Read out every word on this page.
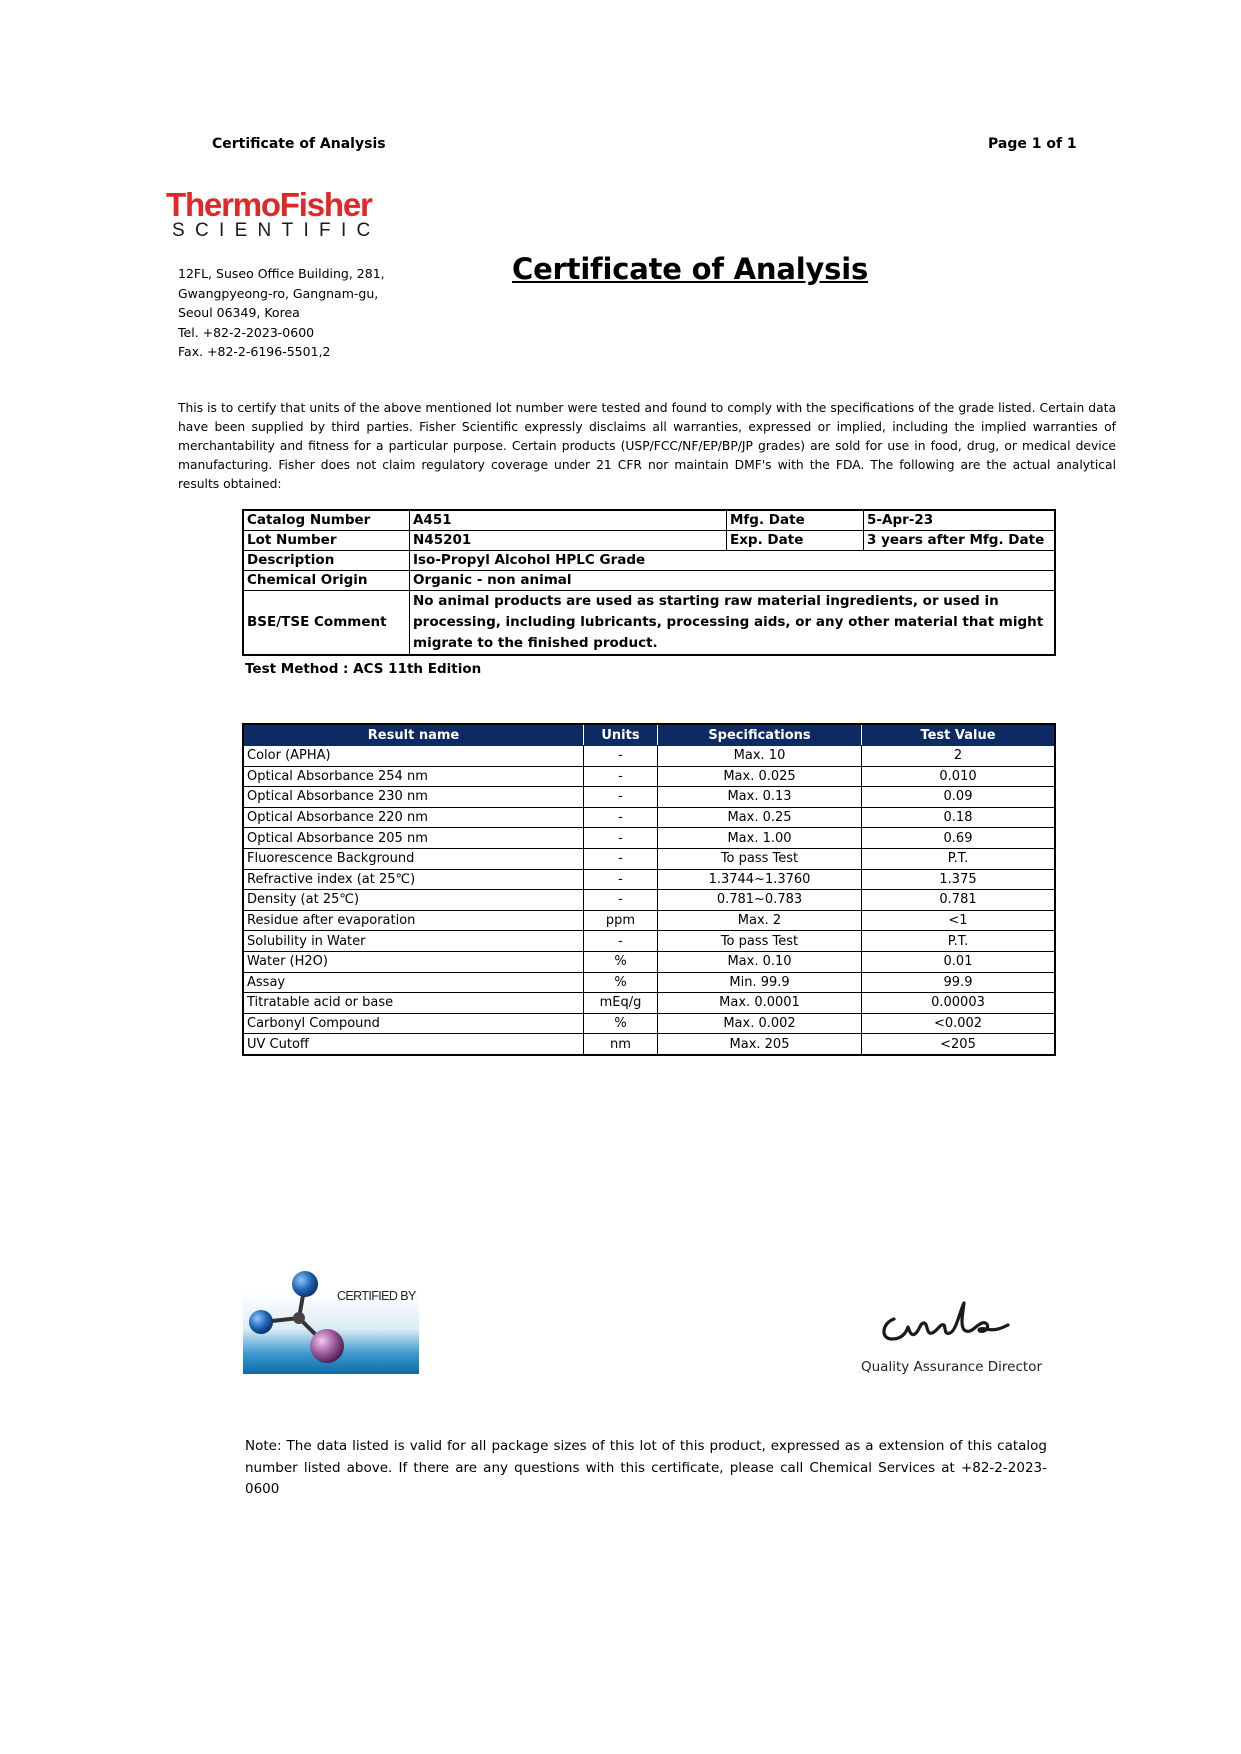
Certificate of Analysis	Page 1 of 1
ThermoFisher
SCIENTIFIC
12FL, Suseo Office Building, 281,
Gwangpyeong-ro, Gangnam-gu,
Seoul 06349, Korea
Tel. +82-2-2023-0600
Fax. +82-2-6196-5501,2
Certificate of Analysis
This is to certify that units of the above mentioned lot number were tested and found to comply with the specifications of the grade listed. Certain data have been supplied by third parties. Fisher Scientific expressly disclaims all warranties, expressed or implied, including the implied warranties of merchantability and fitness for a particular purpose. Certain products (USP/FCC/NF/EP/BP/JP grades) are sold for use in food, drug, or medical device manufacturing. Fisher does not claim regulatory coverage under 21 CFR nor maintain DMF's with the FDA. The following are the actual analytical results obtained:
Catalog Number	A451	Mfg. Date	5-Apr-23
Lot Number	N45201	Exp. Date	3 years after Mfg. Date
Description	Iso-Propyl Alcohol HPLC Grade		
Chemical Origin	Organic - non animal		
BSE/TSE Comment	No animal products are used as starting raw material ingredients, or used in processing, including lubricants, processing aids, or any other material that might migrate to the finished product.		
Test Method : ACS 11th Edition
Result name	Units	Specifications	Test Value
Color (APHA)	-	Max. 10	2
Optical Absorbance 254 nm	-	Max. 0.025	0.010
Optical Absorbance 230 nm	-	Max. 0.13	0.09
Optical Absorbance 220 nm	-	Max. 0.25	0.18
Optical Absorbance 205 nm	-	Max. 1.00	0.69
Fluorescence Background	-	To pass Test	P.T.
Refractive index (at 25℃)	-	1.3744~1.3760	1.375
Density (at 25℃)	-	0.781~0.783	0.781
Residue after evaporation	ppm	Max. 2	<1
Solubility in Water	-	To pass Test	P.T.
Water (H2O)	%	Max. 0.10	0.01
Assay	%	Min. 99.9	99.9
Titratable acid or base	mEq/g	Max. 0.0001	0.00003
Carbonyl Compound	%	Max. 0.002	<0.002
UV Cutoff	nm	Max. 205	<205
CERTIFIED BY
Quality Assurance Director
Note: The data listed is valid for all package sizes of this lot of this product, expressed as a extension of this catalog number listed above. If there are any questions with this certificate, please call Chemical Services at +82-2-2023-0600
